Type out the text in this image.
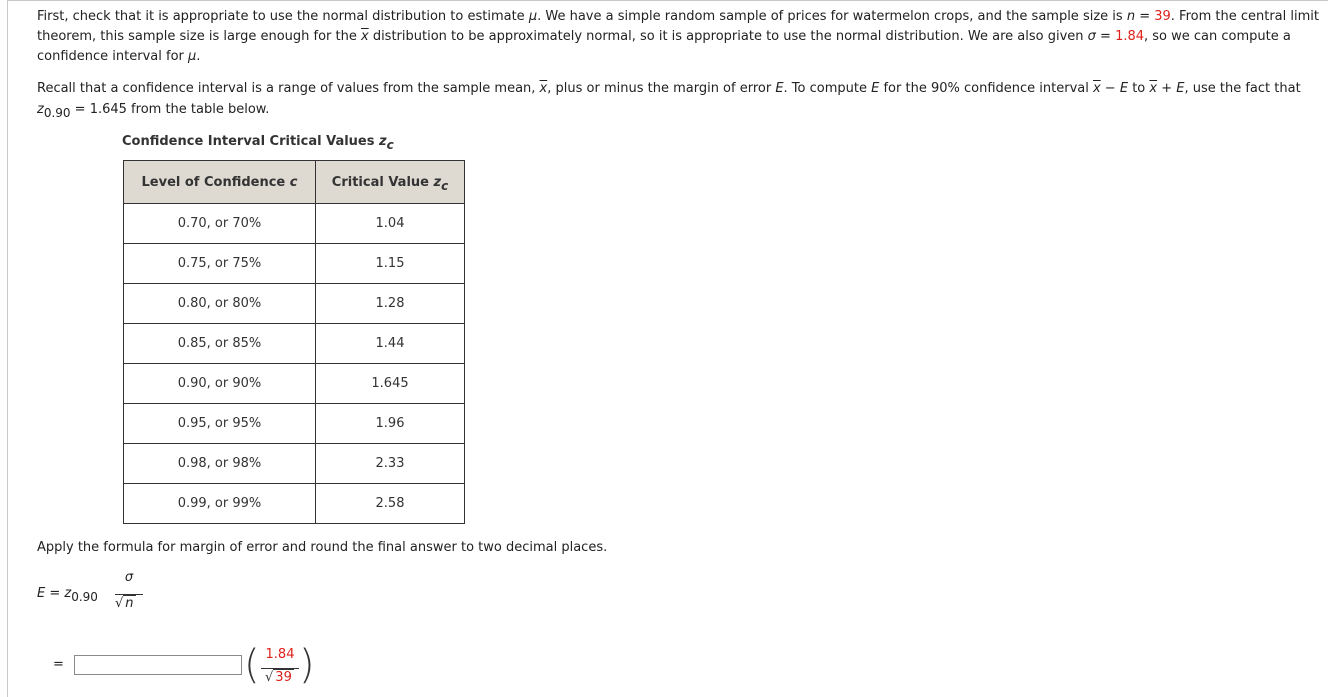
First, check that it is appropriate to use the normal distribution to estimate μ. We have a simple random sample of prices for watermelon crops, and the sample size is n = 39. From the central limit theorem, this sample size is large enough for the $\overline{x}$ distribution to be approximately normal, so it is appropriate to use the normal distribution. We are also given σ = 1.84, so we can compute a confidence interval for μ.

Recall that a confidence interval is a range of values from the sample mean, $\overline{x}$, plus or minus the margin of error E. To compute E for the 90% confidence interval $\overline{x} - E$ to $\overline{x} + E$, use the fact that z0.90 = 1.645 from the table below.

Confidence Interval Critical Values zc
Level of Confidence c	Critical Value zc
0.70, or 70%	1.04
0.75, or 75%	1.15
0.80, or 80%	1.28
0.85, or 85%	1.44
0.90, or 90%	1.645
0.95, or 95%	1.96
0.98, or 98%	2.33
0.99, or 99%	2.58
Apply the formula for margin of error and round the final answer to two decimal places.
E = z0.90
σ
√ n
=	( 1.84
√ 39 )
